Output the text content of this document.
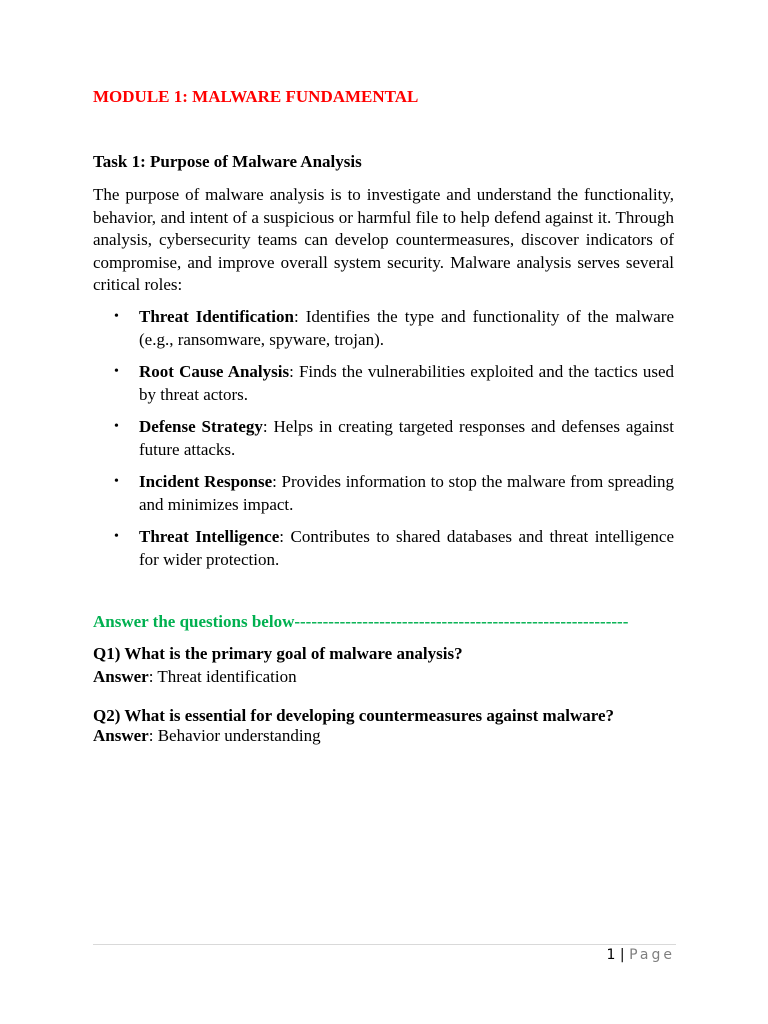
MODULE 1: MALWARE FUNDAMENTAL
Task 1: Purpose of Malware Analysis

The purpose of malware analysis is to investigate and understand the functionality, behavior, and intent of a suspicious or harmful file to help defend against it. Through analysis, cybersecurity teams can develop countermeasures, discover indicators of compromise, and improve overall system security. Malware analysis serves several critical roles:

• Threat Identification: Identifies the type and functionality of the malware (e.g., ransomware, spyware, trojan).
• Root Cause Analysis: Finds the vulnerabilities exploited and the tactics used by threat actors.
• Defense Strategy: Helps in creating targeted responses and defenses against future attacks.
• Incident Response: Provides information to stop the malware from spreading and minimizes impact.
• Threat Intelligence: Contributes to shared databases and threat intelligence for wider protection.
Answer the questions below-----------------------------------------------------------
Q1) What is the primary goal of malware analysis?
Answer: Threat identification
Q2) What is essential for developing countermeasures against malware?
Answer: Behavior understanding
1 | Page
